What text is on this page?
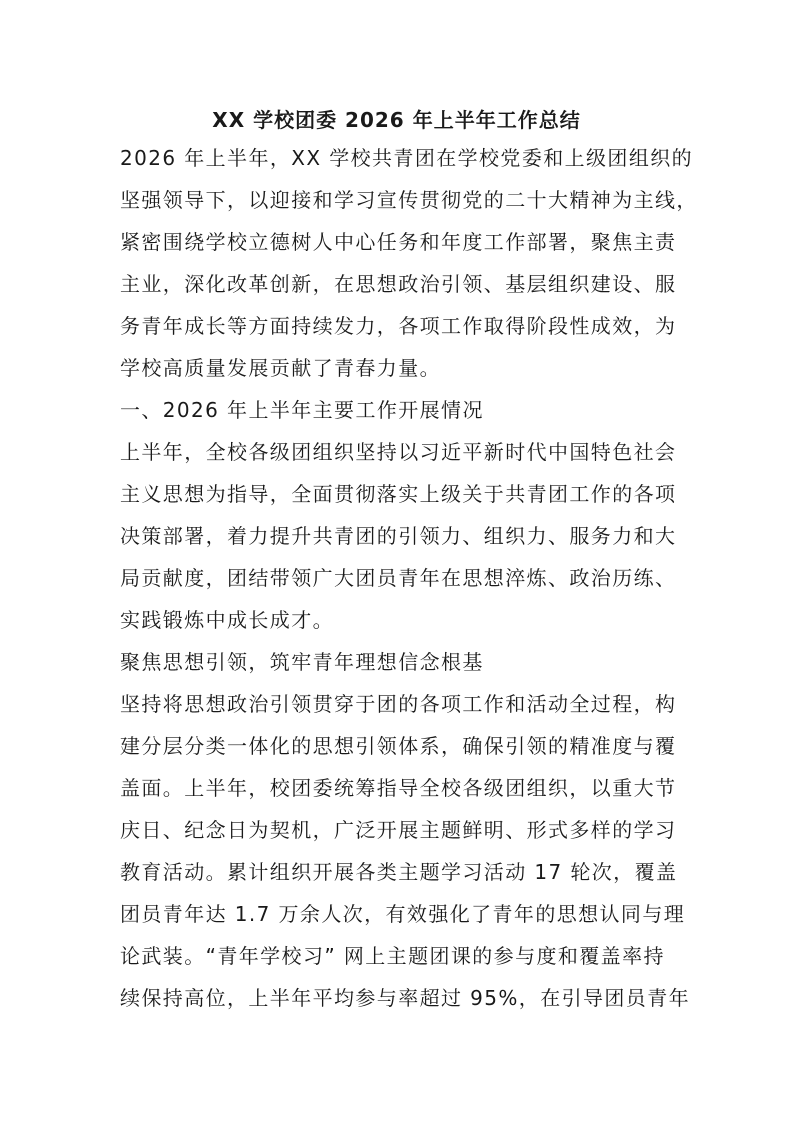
XX 学校团委 2026 年上半年工作总结
2026 年上半年，XX 学校共青团在学校党委和上级团组织的
坚强领导下，以迎接和学习宣传贯彻党的二十大精神为主线，
紧密围绕学校立德树人中心任务和年度工作部署，聚焦主责
主业，深化改革创新，在思想政治引领、基层组织建设、服
务青年成长等方面持续发力，各项工作取得阶段性成效，为
学校高质量发展贡献了青春力量。
一、2026 年上半年主要工作开展情况
上半年，全校各级团组织坚持以习近平新时代中国特色社会
主义思想为指导，全面贯彻落实上级关于共青团工作的各项
决策部署，着力提升共青团的引领力、组织力、服务力和大
局贡献度，团结带领广大团员青年在思想淬炼、政治历练、
实践锻炼中成长成才。
聚焦思想引领，筑牢青年理想信念根基
坚持将思想政治引领贯穿于团的各项工作和活动全过程，构
建分层分类一体化的思想引领体系，确保引领的精准度与覆
盖面。上半年，校团委统筹指导全校各级团组织，以重大节
庆日、纪念日为契机，广泛开展主题鲜明、形式多样的学习
教育活动。累计组织开展各类主题学习活动 17 轮次，覆盖
团员青年达 1.7 万余人次，有效强化了青年的思想认同与理
论武装。“青年学校习” 网上主题团课的参与度和覆盖率持
续保持高位，上半年平均参与率超过 95%，在引导团员青年
